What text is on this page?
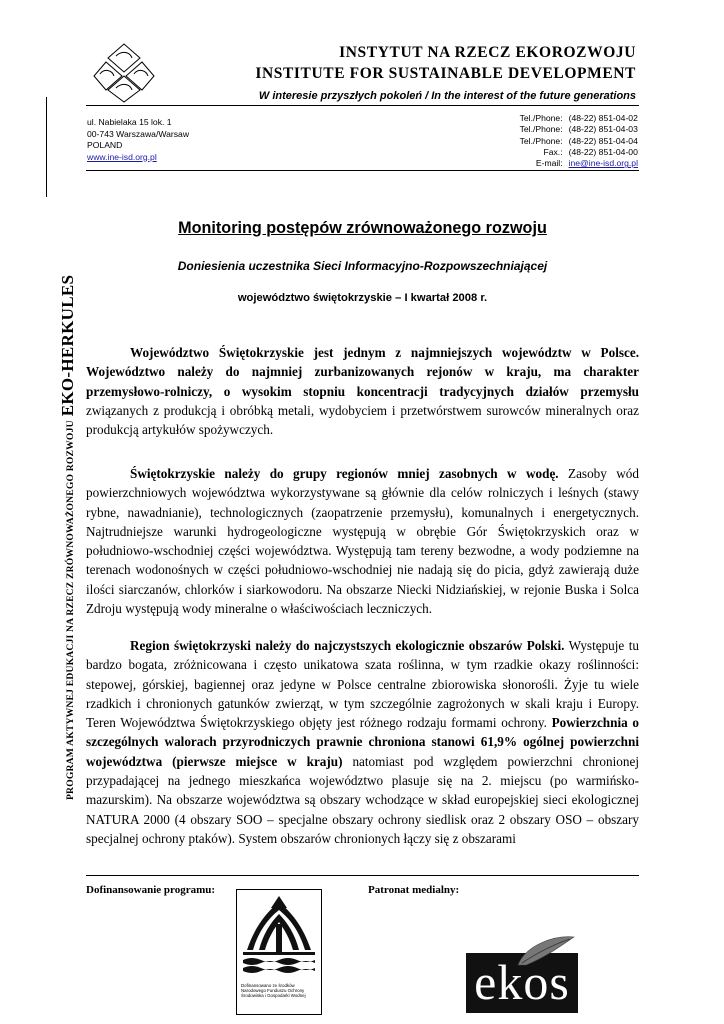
INSTYTUT NA RZECZ EKOROZWOJU
INSTITUTE FOR SUSTAINABLE DEVELOPMENT
W interesie przyszłych pokoleń / In the interest of the future generations
ul. Nabielaka 15 lok. 1
00-743 Warszawa/Warsaw
POLAND
www.ine-isd.org.pl
Tel./Phone:	(48-22) 851-04-02
Tel./Phone:	(48-22) 851-04-03
Tel./Phone:	(48-22) 851-04-04
Fax.:	(48-22) 851-04-00
E-mail:	ine@ine-isd.org.pl
PROGRAM AKTYWNEJ EDUKACJI NA RZECZ ZRÓWNOWAŻONEGO ROZWOJU EKO-HERKULES
Monitoring postępów zrównoważonego rozwoju
Doniesienia uczestnika Sieci Informacyjno-Rozpowszechniającej
województwo świętokrzyskie – I kwartał 2008 r.
Województwo Świętokrzyskie jest jednym z najmniejszych województw w Polsce. Województwo należy do najmniej zurbanizowanych rejonów w kraju, ma charakter przemysłowo-rolniczy, o wysokim stopniu koncentracji tradycyjnych działów przemysłu związanych z produkcją i obróbką metali, wydobyciem i przetwórstwem surowców mineralnych oraz produkcją artykułów spożywczych.
Świętokrzyskie należy do grupy regionów mniej zasobnych w wodę. Zasoby wód powierzchniowych województwa wykorzystywane są głównie dla celów rolniczych i leśnych (stawy rybne, nawadnianie), technologicznych (zaopatrzenie przemysłu), komunalnych i energetycznych. Najtrudniejsze warunki hydrogeologiczne występują w obrębie Gór Świętokrzyskich oraz w południowo-wschodniej części województwa. Występują tam tereny bezwodne, a wody podziemne na terenach wodonośnych w części południowo-wschodniej nie nadają się do picia, gdyż zawierają duże ilości siarczanów, chlorków i siarkowodoru. Na obszarze Niecki Nidziańskiej, w rejonie Buska i Solca Zdroju występują wody mineralne o właściwościach leczniczych.
Region świętokrzyski należy do najczystszych ekologicznie obszarów Polski. Występuje tu bardzo bogata, zróżnicowana i często unikatowa szata roślinna, w tym rzadkie okazy roślinności: stepowej, górskiej, bagiennej oraz jedyne w Polsce centralne zbiorowiska słonorośli. Żyje tu wiele rzadkich i chronionych gatunków zwierząt, w tym szczególnie zagrożonych w skali kraju i Europy. Teren Województwa Świętokrzyskiego objęty jest różnego rodzaju formami ochrony. Powierzchnia o szczególnych walorach przyrodniczych prawnie chroniona stanowi 61,9% ogólnej powierzchni województwa (pierwsze miejsce w kraju) natomiast pod względem powierzchni chronionej przypadającej na jednego mieszkańca województwo plasuje się na 2. miejscu (po warmińsko-mazurskim). Na obszarze województwa są obszary wchodzące w skład europejskiej sieci ekologicznej NATURA 2000 (4 obszary SOO – specjalne obszary ochrony siedlisk oraz 2 obszary OSO – obszary specjalnej ochrony ptaków). System obszarów chronionych łączy się z obszarami
Dofinansowanie programu:	Patronat medialny:
Dofinansowano ze środków Narodowego Funduszu Ochrony Środowiska i Gospodarki Wodnej	ekos
